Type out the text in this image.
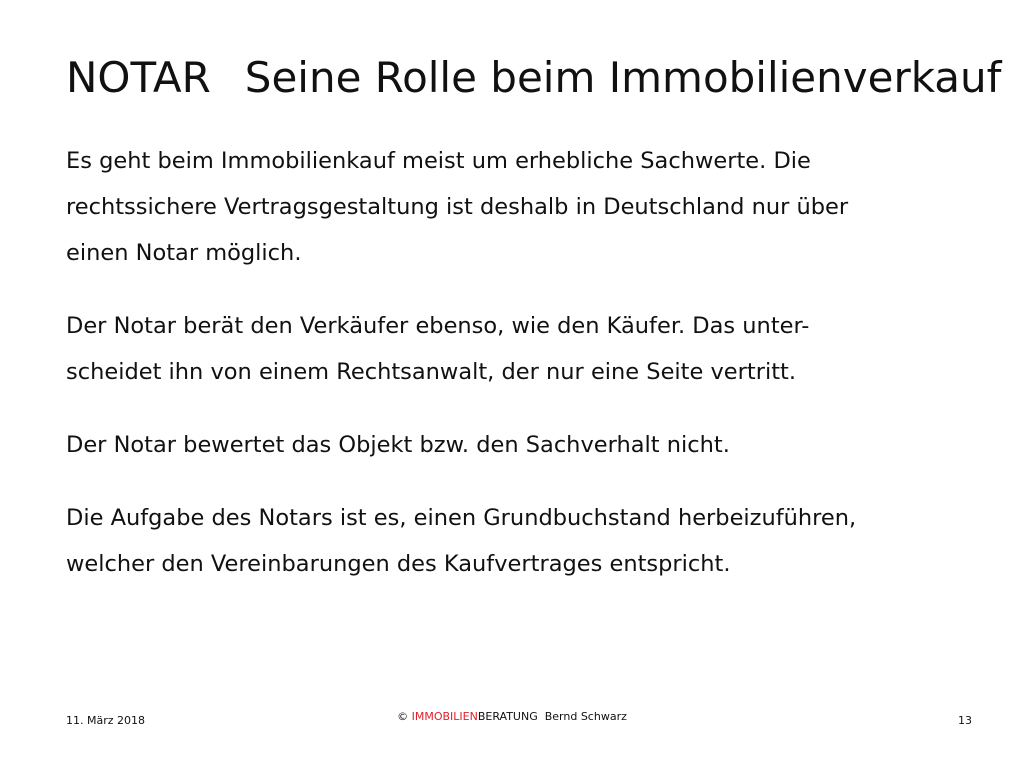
NOTAR Seine Rolle beim Immobilienverkauf

Es geht beim Immobilienkauf meist um erhebliche Sachwerte. Die
rechtssichere Vertragsgestaltung ist deshalb in Deutschland nur über
einen Notar möglich.

Der Notar berät den Verkäufer ebenso, wie den Käufer. Das unter-
scheidet ihn von einem Rechtsanwalt, der nur eine Seite vertritt.

Der Notar bewertet das Objekt bzw. den Sachverhalt nicht.

Die Aufgabe des Notars ist es, einen Grundbuchstand herbeizuführen,
welcher den Vereinbarungen des Kaufvertrages entspricht.

11. März 2018	© IMMOBILIENBERATUNG Bernd Schwarz	13
